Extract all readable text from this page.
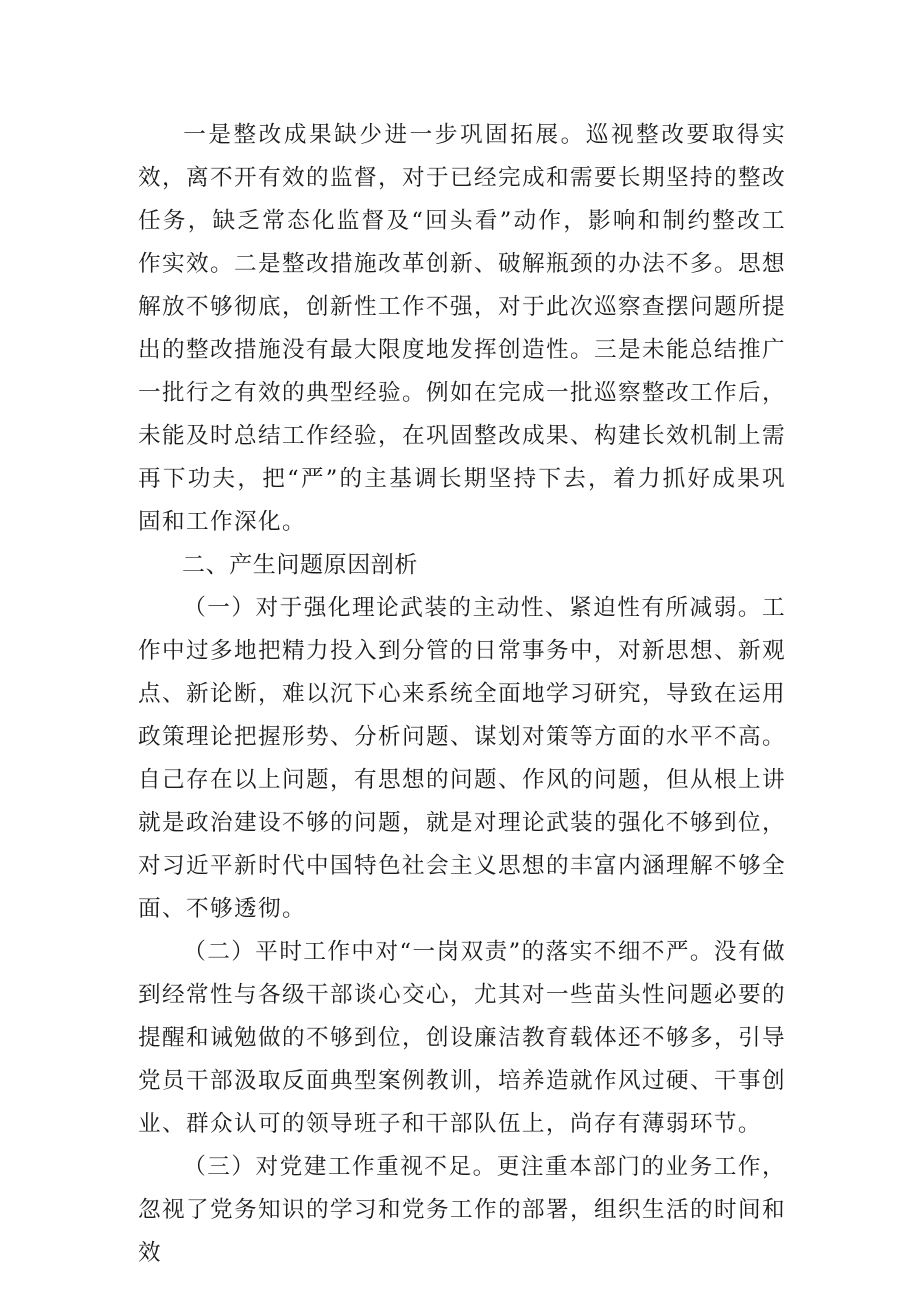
一是整改成果缺少进一步巩固拓展。巡视整改要取得实效，离不开有效的监督，对于已经完成和需要长期坚持的整改任务，缺乏常态化监督及“回头看”动作，影响和制约整改工作实效。二是整改措施改革创新、破解瓶颈的办法不多。思想解放不够彻底，创新性工作不强，对于此次巡察查摆问题所提出的整改措施没有最大限度地发挥创造性。三是未能总结推广一批行之有效的典型经验。例如在完成一批巡察整改工作后，未能及时总结工作经验，在巩固整改成果、构建长效机制上需再下功夫，把“严”的主基调长期坚持下去，着力抓好成果巩固和工作深化。

二、产生问题原因剖析

（一）对于强化理论武装的主动性、紧迫性有所减弱。工作中过多地把精力投入到分管的日常事务中，对新思想、新观点、新论断，难以沉下心来系统全面地学习研究，导致在运用政策理论把握形势、分析问题、谋划对策等方面的水平不高。自己存在以上问题，有思想的问题、作风的问题，但从根上讲就是政治建设不够的问题，就是对理论武装的强化不够到位，对习近平新时代中国特色社会主义思想的丰富内涵理解不够全面、不够透彻。

（二）平时工作中对“一岗双责”的落实不细不严。没有做到经常性与各级干部谈心交心，尤其对一些苗头性问题必要的提醒和诫勉做的不够到位，创设廉洁教育载体还不够多，引导党员干部汲取反面典型案例教训，培养造就作风过硬、干事创业、群众认可的领导班子和干部队伍上，尚存有薄弱环节。

（三）对党建工作重视不足。更注重本部门的业务工作，忽视了党务知识的学习和党务工作的部署，组织生活的时间和效
